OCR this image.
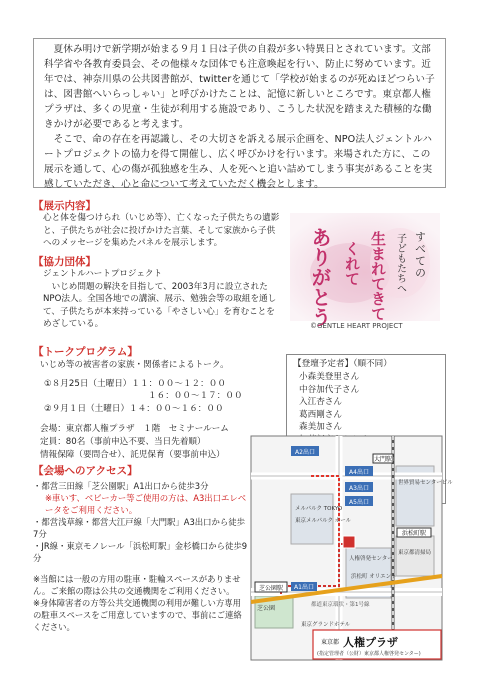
夏休み明けで新学期が始まる９月１日は子供の自殺が多い特異日とされています。文部科学省や各教育委員会、その他様々な団体でも注意喚起を行い、防止に努めています。近年では、神奈川県の公共図書館が、twitterを通じて「学校が始まるのが死ぬほどつらい子は、図書館へいらっしゃい」と呼びかけたことは、記憶に新しいところです。東京都人権プラザは、多くの児童・生徒が利用する施設であり、こうした状況を踏まえた積極的な働きかけが必要であると考えます。

そこで、命の存在を再認識し、その大切さを訴える展示企画を、NPO法人ジェントルハートプロジェクトの協力を得て開催し、広く呼びかけを行います。来場された方に、この展示を通して、心の傷が孤独感を生み、人を死へと追い詰めてしまう事実があることを実感していただき、心と命について考えていただく機会とします。

【展示内容】
心と体を傷つけられ（いじめ等）、亡くなった子供たちの遺影と、子供たちが社会に投げかけた言葉、そして家族から子供へのメッセージを集めたパネルを展示します。	すべての
子どもたちへ
生まれてきて
くれて
ありがとう
©GENTLE HEART PROJECT
【協力団体】

ジェントルハートプロジェクト

いじめ問題の解決を目指して、2003年3月に設立されたNPO法人。全国各地での講演、展示、勉強会等の取組を通して、子供たちが本来持っている「やさしい心」を育むことをめざしている。

【トークプログラム】

いじめ等の被害者の家族・関係者によるトーク。

①８月25日（土曜日）１１：００～１２：００

１６：００～１７：００

②９月１日（土曜日）１４：００～１６：００

会場：東京都人権プラザ　１階　セミナールーム

定員：80名（事前申込不要、当日先着順）

情報保障（要問合せ）、託児保育（要事前申込）

【登壇予定者】（順不同）
小森美登里さん
中谷加代子さん
入江杏さん
葛西剛さん
森美加さん
【会場へのアクセス】

・都営三田線「芝公園駅」A1出口から徒歩3分

※車いす、ベビーカー等ご使用の方は、A3出口エレベータをご利用ください。

・都営浅草線・都営大江戸線「大門駅」A3出口から徒歩7分

・JR線・東京モノレール「浜松町駅」金杉橋口から徒歩9分

※当館には一般の方用の駐車・駐輪スペースがありません。ご来館の際は公共の交通機関をご利用ください。

※身体障害者の方等公共交通機関の利用が難しい方専用の駐車スペースをご用意していますので、事前にご連絡ください。

A2出口
A4出口
A3出口
A5出口
A1出口
芝公園駅
大門駅
浜松町駅
メルパルク TOKYO
東京メルパルク ホール
芝公園
人権啓発センター
東京グランドホテル
世界貿易センタービル
東京都清掃局
浜松町 オリエント
都道東京環状・第1号線
東京都 人権プラザ
(指定管理者（公財）東京都人権啓発センター)
